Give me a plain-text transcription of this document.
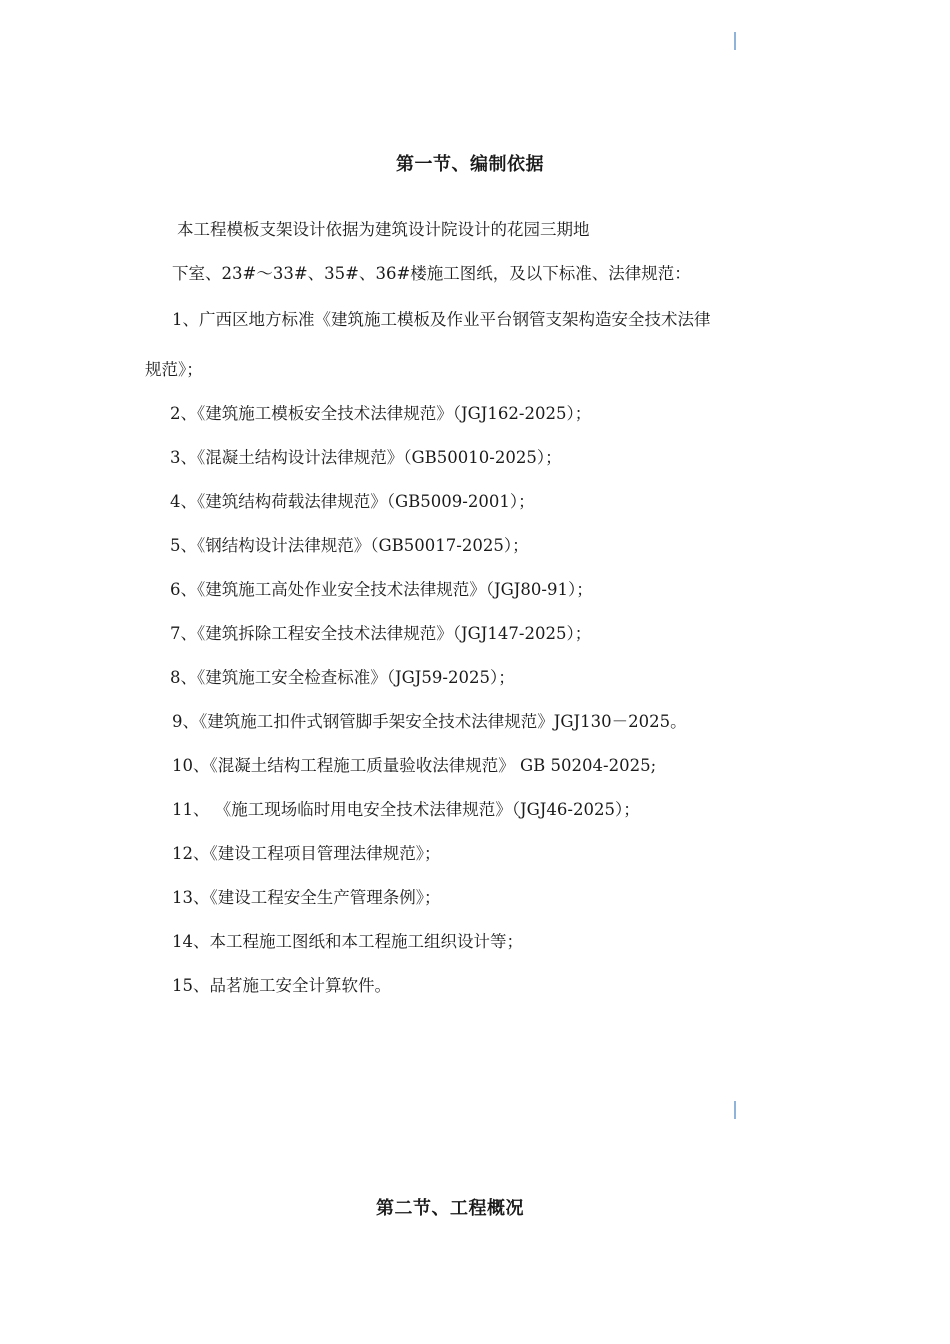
第一节、编制依据
本工程模板支架设计依据为建筑设计院设计的花园三期地
下室、23#～33#、35#、36#楼施工图纸，及以下标准、法律规范：
1、广西区地方标准《建筑施工模板及作业平台钢管支架构造安全技术法律
规范》；
2、《建筑施工模板安全技术法律规范》（JGJ162-2025）；
3、《混凝土结构设计法律规范》（GB50010-2025）；
4、《建筑结构荷载法律规范》（GB5009-2001）；
5、《钢结构设计法律规范》（GB50017-2025）；
6、《建筑施工高处作业安全技术法律规范》（JGJ80-91）；
7、《建筑拆除工程安全技术法律规范》（JGJ147-2025）；
8、《建筑施工安全检查标准》（JGJ59-2025）；
9、《建筑施工扣件式钢管脚手架安全技术法律规范》JGJ130－2025。
10、《混凝土结构工程施工质量验收法律规范》 GB 50204-2025;
11、 《施工现场临时用电安全技术法律规范》（JGJ46-2025）；
12、《建设工程项目管理法律规范》；
13、《建设工程安全生产管理条例》；
14、本工程施工图纸和本工程施工组织设计等；
15、品茗施工安全计算软件。
第二节、工程概况
